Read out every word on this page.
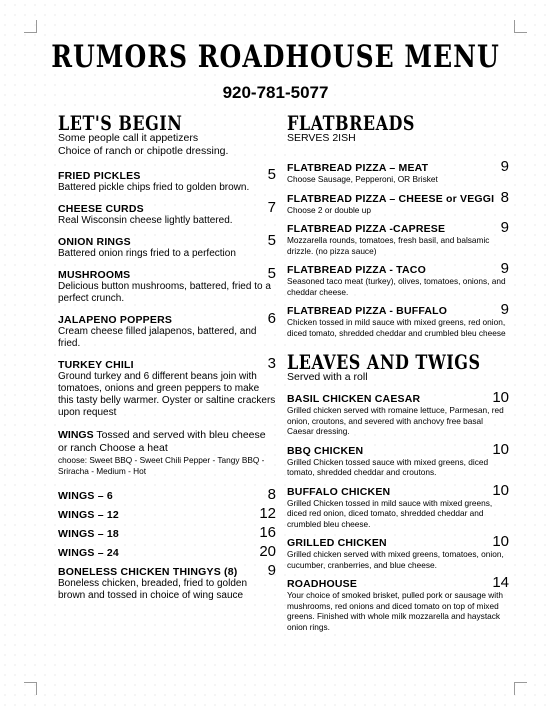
RUMORS ROADHOUSE MENU

920-781-5077

LET'S BEGIN

Some people call it appetizers

Choice of ranch or chipotle dressing.

FRIED PICKLES	5
Battered pickle chips fried to golden brown.
CHEESE CURDS	7
Real Wisconsin cheese lightly battered.
ONION RINGS	5
Battered onion rings fried to a perfection
MUSHROOMS	5
Delicious button mushrooms, battered, fried to a perfect crunch.
JALAPENO POPPERS	6
Cream cheese filled jalapenos, battered, and fried.
TURKEY CHILI	3
Ground turkey and 6 different beans join with tomatoes, onions and green peppers to make this tasty belly warmer. Oyster or saltine crackers upon request
WINGS Tossed and served with bleu cheese or ranch Choose a heat
choose: Sweet BBQ - Sweet Chili Pepper - Tangy BBQ - Sriracha - Medium - Hot
WINGS – 6	8
WINGS – 12	12
WINGS – 18	16
WINGS – 24	20
BONELESS CHICKEN THINGYS (8) 9
Boneless chicken, breaded, fried to golden brown and tossed in choice of wing sauce
FLATBREADS

SERVES 2ISH

FLATBREAD PIZZA – MEAT	9
Choose Sausage, Pepperoni, OR Brisket
FLATBREAD PIZZA – CHEESE or VEGGI 8
Choose 2 or double up
FLATBREAD PIZZA -CAPRESE	9
Mozzarella rounds, tomatoes, fresh basil, and balsamic drizzle. (no pizza sauce)
FLATBREAD PIZZA - TACO	9
Seasoned taco meat (turkey), olives, tomatoes, onions, and cheddar cheese.
FLATBREAD PIZZA - BUFFALO	9
Chicken tossed in mild sauce with mixed greens, red onion, diced tomato, shredded cheddar and crumbled bleu cheese
LEAVES AND TWIGS

Served with a roll

BASIL CHICKEN CAESAR	10
Grilled chicken served with romaine lettuce, Parmesan, red onion, croutons, and severed with anchovy free basal Caesar dressing.
BBQ CHICKEN	10
Grilled Chicken tossed sauce with mixed greens, diced tomato, shredded cheddar and croutons.
BUFFALO CHICKEN	10
Grilled Chicken tossed in mild sauce with mixed greens, diced red onion, diced tomato, shredded cheddar and crumbled bleu cheese.
GRILLED CHICKEN	10
Grilled chicken served with mixed greens, tomatoes, onion, cucumber, cranberries, and blue cheese.
ROADHOUSE	14
Your choice of smoked brisket, pulled pork or sausage with mushrooms, red onions and diced tomato on top of mixed greens. Finished with whole milk mozzarella and haystack onion rings.
